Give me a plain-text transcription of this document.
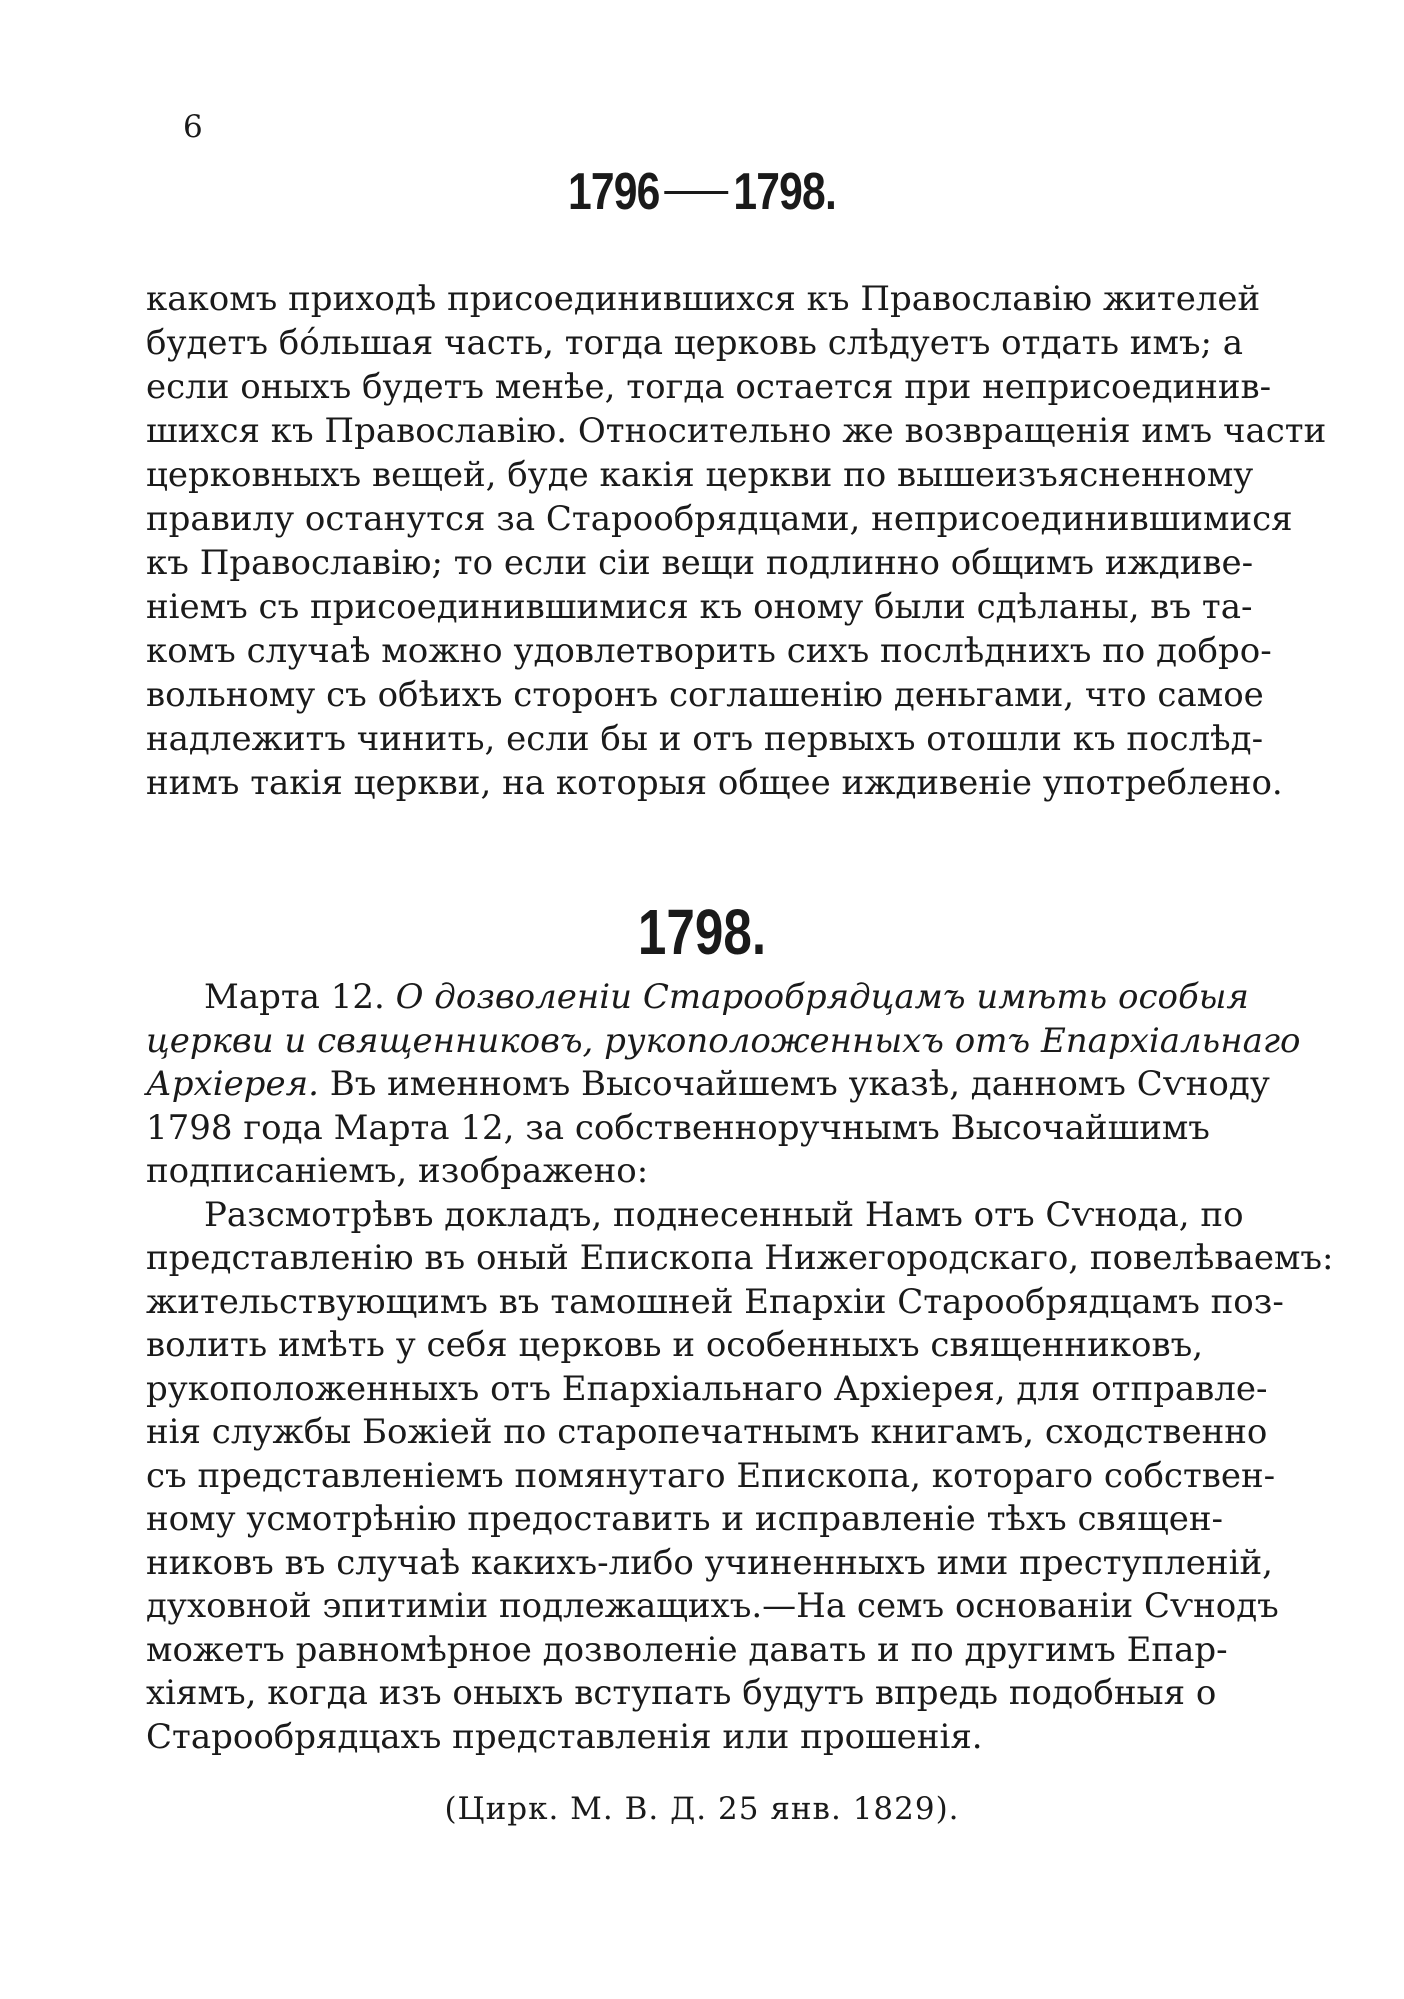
6
1796 1798.
какомъ приходѣ присоединившихся къ Православію жителей
будетъ бо́льшая часть, тогда церковь слѣдуетъ отдать имъ; а
если оныхъ будетъ менѣе, тогда остается при неприсоединив-
шихся къ Православію. Относительно же возвращенія имъ части
церковныхъ вещей, буде какія церкви по вышеизъясненному
правилу останутся за Старообрядцами, неприсоединившимися
къ Православію; то если сіи вещи подлинно общимъ иждиве-
ніемъ съ присоединившимися къ оному были сдѣланы, въ та-
комъ случаѣ можно удовлетворить сихъ послѣднихъ по добро-
вольному съ обѣихъ сторонъ соглашенію деньгами, что самое
надлежитъ чинить, если бы и отъ первыхъ отошли къ послѣд-
нимъ такія церкви, на которыя общее иждивеніе употреблено.
1798.
Марта 12. О дозволеніи Старообрядцамъ имѣть особыя
церкви и священниковъ, рукоположенныхъ отъ Епархіальнаго
Архіерея. Въ именномъ Высочайшемъ указѣ, данномъ Сѵноду
1798 года Марта 12, за собственноручнымъ Высочайшимъ
подписаніемъ, изображено:
Разсмотрѣвъ докладъ, поднесенный Намъ отъ Сѵнода, по
представленію въ оный Епископа Нижегородскаго, повелѣваемъ:
жительствующимъ въ тамошней Епархіи Старообрядцамъ поз-
волить имѣть у себя церковь и особенныхъ священниковъ,
рукоположенныхъ отъ Епархіальнаго Архіерея, для отправле-
нія службы Божіей по старопечатнымъ книгамъ, сходственно
съ представленіемъ помянутаго Епископа, котораго собствен-
ному усмотрѣнію предоставить и исправленіе тѣхъ священ-
никовъ въ случаѣ какихъ-либо учиненныхъ ими преступленій,
духовной эпитиміи подлежащихъ.—На семъ основаніи Сѵнодъ
можетъ равномѣрное дозволеніе давать и по другимъ Епар-
хіямъ, когда изъ оныхъ вступать будутъ впредь подобныя о
Старообрядцахъ представленія или прошенія.
(Цирк. М. В. Д. 25 янв. 1829).
